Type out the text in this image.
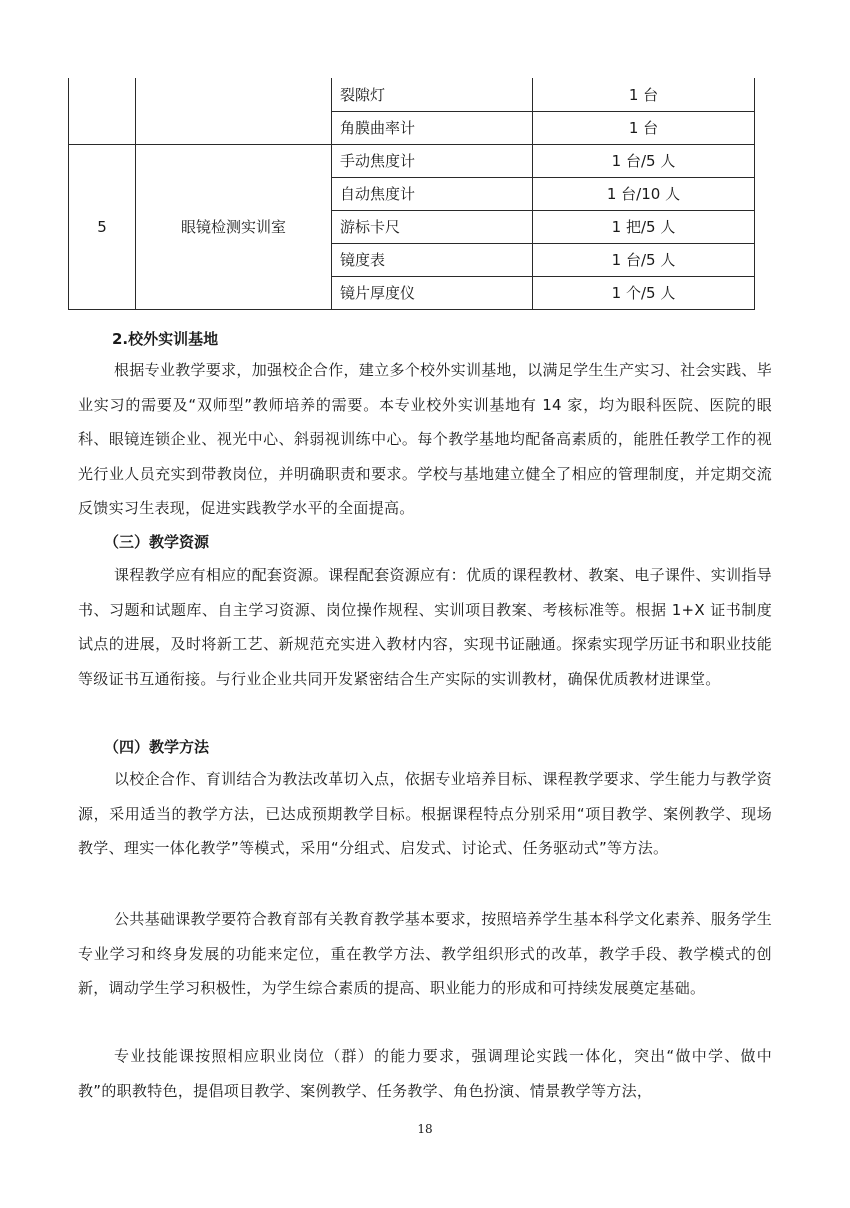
		裂隙灯	1 台
		角膜曲率计	1 台
5	眼镜检测实训室	手动焦度计	1 台/5 人
		自动焦度计	1 台/10 人
		游标卡尺	1 把/5 人
		镜度表	1 台/5 人
		镜片厚度仪	1 个/5 人
2.校外实训基地
根据专业教学要求，加强校企合作，建立多个校外实训基地，以满足学生生产实习、社会实践、毕业实习的需要及“双师型”教师培养的需要。本专业校外实训基地有 14 家，均为眼科医院、医院的眼科、眼镜连锁企业、视光中心、斜弱视训练中心。每个教学基地均配备高素质的，能胜任教学工作的视光行业人员充实到带教岗位，并明确职责和要求。学校与基地建立健全了相应的管理制度，并定期交流反馈实习生表现，促进实践教学水平的全面提高。
（三）教学资源
课程教学应有相应的配套资源。课程配套资源应有：优质的课程教材、教案、电子课件、实训指导书、习题和试题库、自主学习资源、岗位操作规程、实训项目教案、考核标准等。根据 1+X 证书制度试点的进展，及时将新工艺、新规范充实进入教材内容，实现书证融通。探索实现学历证书和职业技能等级证书互通衔接。与行业企业共同开发紧密结合生产实际的实训教材，确保优质教材进课堂。
（四）教学方法
以校企合作、育训结合为教法改革切入点，依据专业培养目标、课程教学要求、学生能力与教学资源，采用适当的教学方法，已达成预期教学目标。根据课程特点分别采用“项目教学、案例教学、现场教学、理实一体化教学”等模式，采用“分组式、启发式、讨论式、任务驱动式”等方法。
公共基础课教学要符合教育部有关教育教学基本要求，按照培养学生基本科学文化素养、服务学生专业学习和终身发展的功能来定位，重在教学方法、教学组织形式的改革，教学手段、教学模式的创新，调动学生学习积极性，为学生综合素质的提高、职业能力的形成和可持续发展奠定基础。
专业技能课按照相应职业岗位（群）的能力要求，强调理论实践一体化，突出“做中学、做中教”的职教特色，提倡项目教学、案例教学、任务教学、角色扮演、情景教学等方法，
18
